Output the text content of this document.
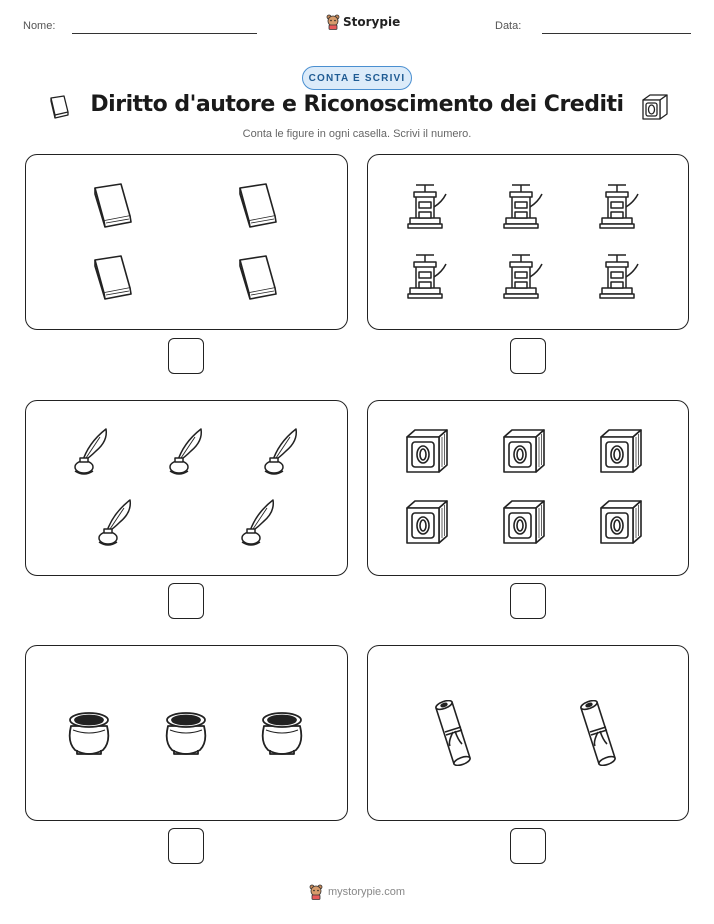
Nome:	Storypie	Data:
CONTA E SCRIVI
Diritto d'autore e Riconoscimento dei Crediti
Conta le figure in ogni casella. Scrivi il numero.
mystorypie.com
